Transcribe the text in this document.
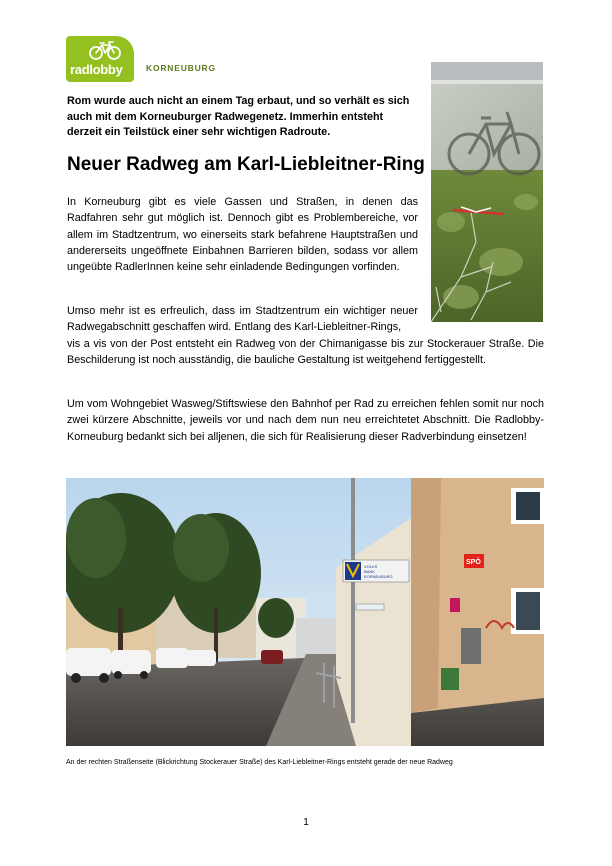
radlobby	KORNEUBURG
Rom wurde auch nicht an einem Tag erbaut, und so verhält es sich auch mit dem Korneuburger Radwegenetz. Immerhin entsteht derzeit ein Teilstück einer sehr wichtigen Radroute.
Neuer Radweg am Karl-Liebleitner-Ring
In Korneuburg gibt es viele Gassen und Straßen, in denen das Radfahren sehr gut möglich ist. Dennoch gibt es Problembereiche, vor allem im Stadtzentrum, wo einerseits stark befahrene Hauptstraßen und andererseits ungeöffnete Einbahnen Barrieren bilden, sodass vor allem ungeübte RadlerInnen keine sehr einladende Bedingungen vorfinden.
Umso mehr ist es erfreulich, dass im Stadtzentrum ein wichtiger neuer Radwegabschnitt geschaffen wird. Entlang des Karl-Liebleitner-Rings,
vis a vis von der Post entsteht ein Radweg von der Chimanigasse bis zur Stockerauer Straße. Die Beschilderung ist noch ausständig, die bauliche Gestaltung ist weitgehend fertiggestellt.
Um vom Wohngebiet Wasweg/Stiftswiese den Bahnhof per Rad zu erreichen fehlen somit nur noch zwei kürzere Abschnitte, jeweils vor und nach dem nun neu erreichtetet Abschnitt. Die Radlobby-Korneuburg bedankt sich bei alljenen, die sich für Realisierung dieser Radverbindung einsetzen!
VOLKS
BANK
KORNEUBURG
SPÖ
An der rechten Straßenseite (Blickrichtung Stockerauer Straße) des Karl-Liebleitner-Rings entsteht gerade der neue Radweg
1
